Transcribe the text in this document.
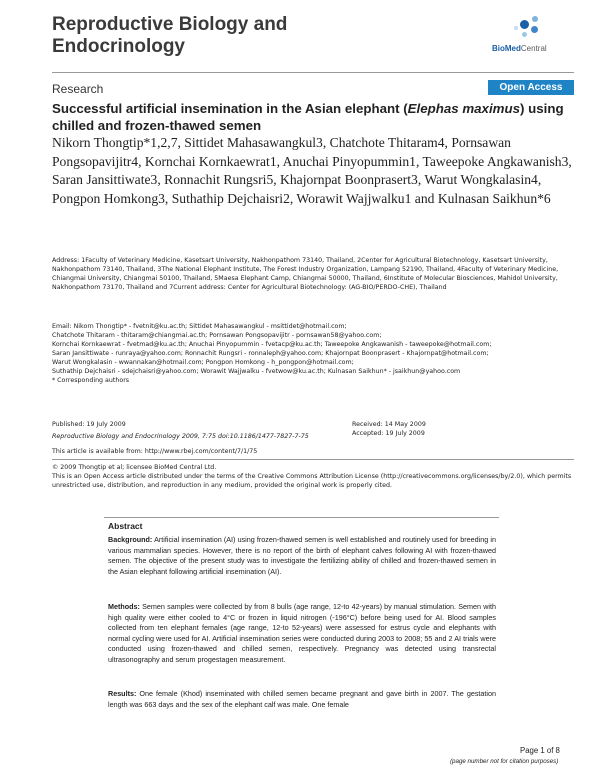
Reproductive Biology and Endocrinology	BioMedCentral
Research	Open Access
Successful artificial insemination in the Asian elephant (Elephas maximus) using chilled and frozen-thawed semen
Nikorn Thongtip*1,2,7, Sittidet Mahasawangkul3, Chatchote Thitaram4, Pornsawan Pongsopavijitr4, Kornchai Kornkaewrat1, Anuchai Pinyopummin1, Taweepoke Angkawanish3, Saran Jansittiwate3, Ronnachit Rungsri5, Khajornpat Boonprasert3, Warut Wongkalasin4, Pongpon Homkong3, Suthathip Dejchaisri2, Worawit Wajjwalku1 and Kulnasan Saikhun*6
Address: 1Faculty of Veterinary Medicine, Kasetsart University, Nakhonpathom 73140, Thailand, 2Center for Agricultural Biotechnology, Kasetsart University, Nakhonpathom 73140, Thailand, 3The National Elephant Institute, The Forest Industry Organization, Lampang 52190, Thailand, 4Faculty of Veterinary Medicine, Chiangmai University, Chiangmai 50100, Thailand, 5Maesa Elephant Camp, Chiangmai 50000, Thailand, 6Institute of Molecular Biosciences, Mahidol University, Nakhonpathom 73170, Thailand and 7Current address: Center for Agricultural Biotechnology: (AG-BIO/PERDO-CHE), Thailand
Email: Nikorn Thongtip* - fvetnit@ku.ac.th; Sittidet Mahasawangkul - msittidet@hotmail.com;
Chatchote Thitaram - thitaram@chiangmai.ac.th; Pornsawan Pongsopavijitr - pornsawan58@yahoo.com;
Kornchai Kornkaewrat - fvetmad@ku.ac.th; Anuchai Pinyopummin - fvetacp@ku.ac.th; Taweepoke Angkawanish - taweepoke@hotmail.com;
Saran Jansittiwate - runraya@yahoo.com; Ronnachit Rungsri - ronnaleph@yahoo.com; Khajornpat Boonprasert - Khajornpat@hotmail.com;
Warut Wongkalasin - wwannakan@hotmail.com; Pongpon Homkong - h_pongpon@hotmail.com;
Suthathip Dejchaisri - sdejchaisri@yahoo.com; Worawit Wajjwalku - fvetwow@ku.ac.th; Kulnasan Saikhun* - jsaikhun@yahoo.com
* Corresponding authors
Published: 19 July 2009
Reproductive Biology and Endocrinology 2009, 7:75 doi:10.1186/1477-7827-7-75
Received: 14 May 2009
Accepted: 19 July 2009
This article is available from: http://www.rbej.com/content/7/1/75
© 2009 Thongtip et al; licensee BioMed Central Ltd.
This is an Open Access article distributed under the terms of the Creative Commons Attribution License (http://creativecommons.org/licenses/by/2.0), which permits unrestricted use, distribution, and reproduction in any medium, provided the original work is properly cited.
Abstract
Background: Artificial insemination (AI) using frozen-thawed semen is well established and routinely used for breeding in various mammalian species. However, there is no report of the birth of elephant calves following AI with frozen-thawed semen. The objective of the present study was to investigate the fertilizing ability of chilled and frozen-thawed semen in the Asian elephant following artificial insemination (AI).
Methods: Semen samples were collected by from 8 bulls (age range, 12-to 42-years) by manual stimulation. Semen with high quality were either cooled to 4°C or frozen in liquid nitrogen (-196°C) before being used for AI. Blood samples collected from ten elephant females (age range, 12-to 52-years) were assessed for estrus cycle and elephants with normal cycling were used for AI. Artificial insemination series were conducted during 2003 to 2008; 55 and 2 AI trials were conducted using frozen-thawed and chilled semen, respectively. Pregnancy was detected using transrectal ultrasonography and serum progestagen measurement.
Results: One female (Khod) inseminated with chilled semen became pregnant and gave birth in 2007. The gestation length was 663 days and the sex of the elephant calf was male. One female
Page 1 of 8
(page number not for citation purposes)
